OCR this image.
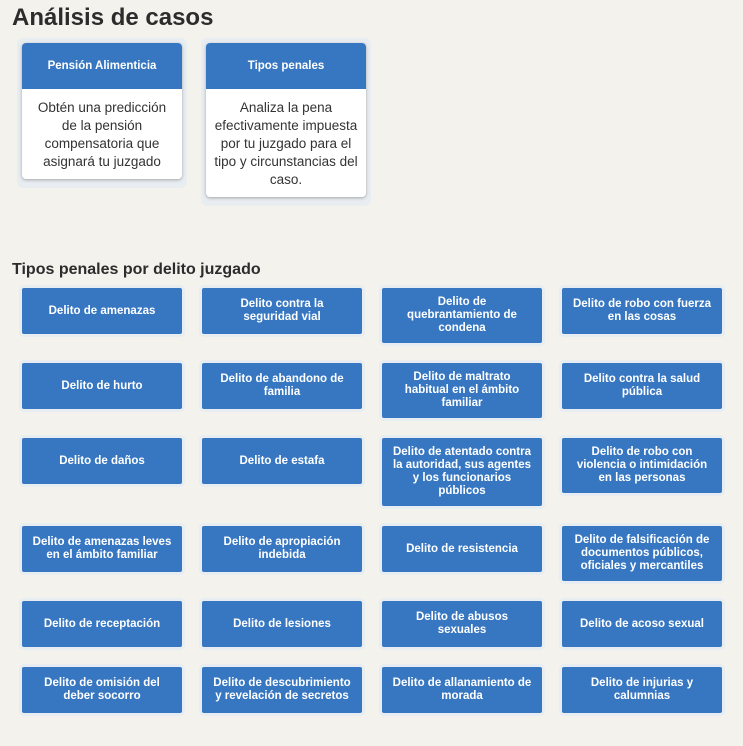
Análisis de casos
Pensión Alimenticia
Obtén una predicción de la pensión compensatoria que asignará tu juzgado
Tipos penales
Analiza la pena efectivamente impuesta por tu juzgado para el tipo y circunstancias del caso.
Tipos penales por delito juzgado
Delito de amenazas
Delito contra la seguridad vial
Delito de quebrantamiento de condena
Delito de robo con fuerza en las cosas
Delito de hurto
Delito de abandono de familia
Delito de maltrato habitual en el ámbito familiar
Delito contra la salud pública
Delito de daños	Delito de estafa
Delito de atentado contra la autoridad, sus agentes y los funcionarios públicos
Delito de robo con violencia o intimidación en las personas
Delito de amenazas leves en el ámbito familiar
Delito de apropiación indebida
Delito de resistencia
Delito de falsificación de documentos públicos, oficiales y mercantiles
Delito de receptación	Delito de lesiones
Delito de abusos sexuales
Delito de acoso sexual
Delito de omisión del deber socorro
Delito de descubrimiento y revelación de secretos
Delito de allanamiento de morada
Delito de injurias y calumnias
